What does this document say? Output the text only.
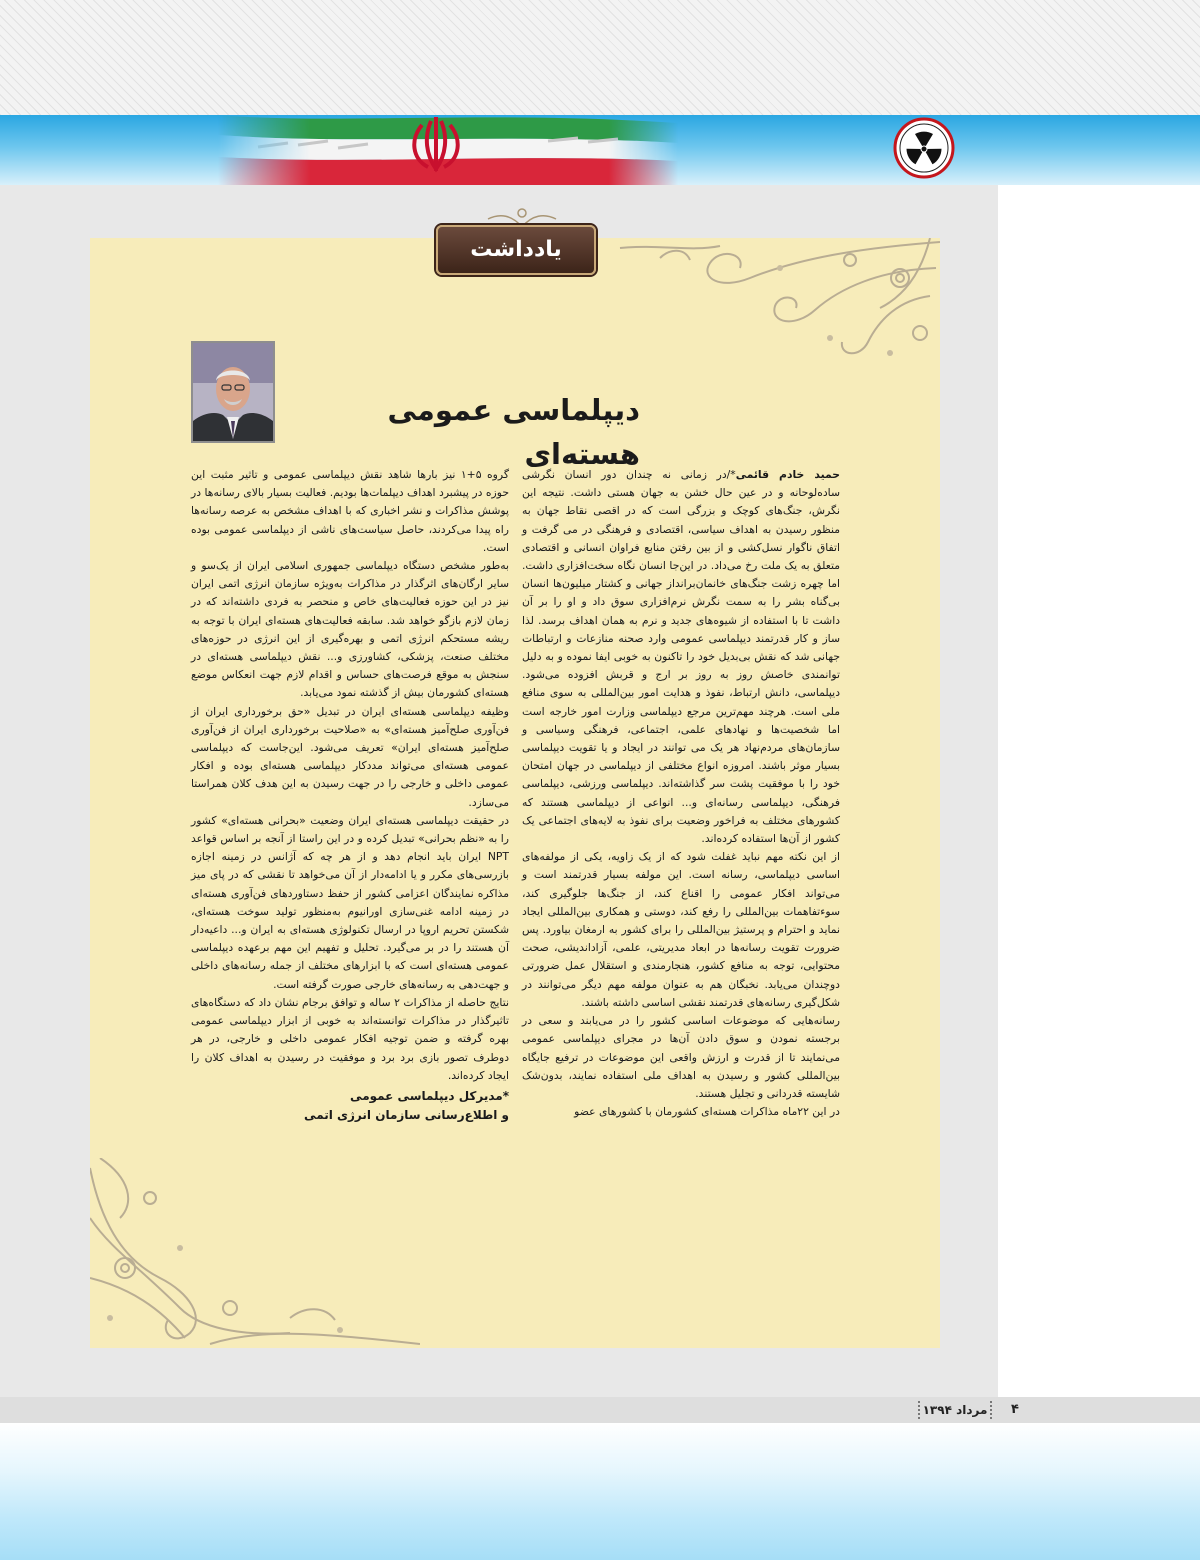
یادداشت
دیپلماسی عمومی هسته‌ای

حمید خادم قائمی*/در زمانی نه چندان دور انسان نگرشی ساده‌لوحانه و در عین حال خشن به جهان هستی داشت. نتیجه این نگرش، جنگ‌های کوچک و بزرگی است که در اقصی نقاط جهان به منظور رسیدن به اهداف سیاسی، اقتصادی و فرهنگی در می گرفت و اتفاق ناگوار نسل‌کشی و از بین رفتن منابع فراوان انسانی و اقتصادی متعلق به یک ملت رخ می‌داد. در این‌جا انسان نگاه سخت‌افزاری داشت. اما چهره زشت جنگ‌های خانمان‌برانداز جهانی و کشتار میلیون‌ها انسان بی‌گناه بشر را به سمت نگرش نرم‌افزاری سوق داد و او را بر آن داشت تا با استفاده از شیوه‌های جدید و نرم به همان اهداف برسد. لذا ساز و کار قدرتمند دیپلماسی عمومی وارد صحنه منازعات و ارتباطات جهانی شد که نقش بی‌بدیل خود را تاکنون به خوبی ایفا نموده و به دلیل توانمندی خاصش روز به روز بر ارج و قربش افزوده می‌شود. دیپلماسی، دانش ارتباط، نفوذ و هدایت امور بین‌المللی به سوی منافع ملی است. هرچند مهم‌ترین مرجع دیپلماسی وزارت امور خارجه است اما شخصیت‌ها و نهادهای علمی، اجتماعی، فرهنگی وسیاسی و سازمان‌های مردم‌نهاد هر یک می توانند در ایجاد و یا تقویت دیپلماسی بسیار موثر باشند. امروزه انواع مختلفی از دیپلماسی در جهان امتحان خود را با موفقیت پشت سر گذاشته‌اند. دیپلماسی ورزشی، دیپلماسی فرهنگی، دیپلماسی رسانه‌ای و... انواعی از دیپلماسی هستند که کشورهای مختلف به فراخور وضعیت برای نفوذ به لایه‌های اجتماعی یک کشور از آن‌ها استفاده کرده‌اند.

از این نکته مهم نباید غفلت شود که از یک زاویه، یکی از مولفه‌های اساسی دیپلماسی، رسانه است. این مولفه بسیار قدرتمند است و می‌تواند افکار عمومی را اقناع کند، از جنگ‌ها جلوگیری کند، سوء‌تفاهمات بین‌المللی را رفع کند، دوستی و همکاری بین‌المللی ایجاد نماید و احترام و پرستیژ بین‌المللی را برای کشور به ارمغان بیاورد. پس ضرورت تقویت رسانه‌ها در ابعاد مدیریتی، علمی، آزاداندیشی، صحت محتوایی، توجه به منافع کشور، هنجارمندی و استقلال عمل ضرورتی دوچندان می‌یابد. نخبگان هم به عنوان مولفه مهم دیگر می‌توانند در شکل‌گیری رسانه‌های قدرتمند نقشی اساسی داشته باشند.

رسانه‌هایی که موضوعات اساسی کشور را در می‌یابند و سعی در برجسته نمودن و سوق دادن آن‌ها در مجرای دیپلماسی عمومی می‌نمایند تا از قدرت و ارزش واقعی این موضوعات در ترفیع جایگاه بین‌المللی کشور و رسیدن به اهداف ملی استفاده نمایند، بدون‌شک شایسته قدردانی و تجلیل هستند.

در این ۲۲ماه مذاکرات هسته‌ای کشورمان با کشورهای عضو

گروه ۵+۱ نیز بارها شاهد نقش دیپلماسی عمومی و تاثیر مثبت این حوزه در پیشبرد اهداف دیپلمات‌ها بودیم. فعالیت بسیار بالای رسانه‌ها در پوشش مذاکرات و نشر اخباری که با اهداف مشخص به عرصه رسانه‌ها راه پیدا می‌کردند، حاصل سیاست‌های ناشی از دیپلماسی عمومی بوده است.

به‌طور مشخص دستگاه دیپلماسی جمهوری اسلامی ایران از یک‌سو و سایر ارگان‌های اثرگذار در مذاکرات به‌ویژه سازمان انرژی اتمی ایران نیز در این حوزه فعالیت‌های خاص و منحصر به فردی داشته‌اند که در زمان لازم بازگو خواهد شد. سابقه فعالیت‌های هسته‌ای ایران با توجه به ریشه مستحکم انرژی اتمی و بهره‌گیری از این انرژی در حوزه‌های مختلف صنعت، پزشکی، کشاورزی و... نقش دیپلماسی هسته‌ای در سنجش به موقع فرصت‌های حساس و اقدام لازم جهت انعکاس موضع هسته‌ای کشورمان بیش از گذشته نمود می‌یابد.

وظیفه دیپلماسی هسته‌ای ایران در تبدیل «حق برخورداری ایران از فن‌آوری صلح‌آمیز هسته‌ای» به «صلاحیت برخورداری ایران از فن‌آوری صلح‌آمیز هسته‌ای ایران» تعریف می‌شود. این‌جاست که دیپلماسی عمومی هسته‌ای می‌تواند مددکار دیپلماسی هسته‌ای بوده و افکار عمومی داخلی و خارجی را در جهت رسیدن به این هدف کلان همراستا می‌سازد.

در حقیقت دیپلماسی هسته‌ای ایران وضعیت «بحرانی هسته‌ای» کشور را به «نظم بحرانی» تبدیل کرده و در این راستا از آنجه بر اساس قواعد NPT ایران باید انجام دهد و از هر چه که آژانس در زمینه اجازه بازرسی‌های مکرر و یا ادامه‌دار از آن می‌خواهد تا نقشی که در پای میز مذاکره نمایندگان اعزامی کشور از حفظ دستاوردهای فن‌آوری هسته‌ای در زمینه ادامه غنی‌سازی اورانیوم به‌منظور تولید سوخت هسته‌ای، شکستن تحریم اروپا در ارسال تکنولوژی هسته‌ای به ایران و... داعیه‌دار آن هستند را در بر می‌گیرد. تحلیل و تفهیم این مهم برعهده دیپلماسی عمومی هسته‌ای است که با ابزارهای مختلف از جمله رسانه‌های داخلی و جهت‌دهی به رسانه‌های خارجی صورت گرفته است.

نتایج حاصله از مذاکرات ۲ ساله و توافق برجام نشان داد که دستگاه‌های تاثیرگذار در مذاکرات توانسته‌اند به خوبی از ابزار دیپلماسی عمومی بهره گرفته و ضمن توجیه افکار عمومی داخلی و خارجی، در هر دوطرف تصور بازی برد برد و موفقیت در رسیدن به اهداف کلان را ایجاد کرده‌اند.

*مدیرکل دیپلماسی عمومی
و اطلاع‌رسانی سازمان انرژی اتمی
مرداد ۱۳۹۴	۴
